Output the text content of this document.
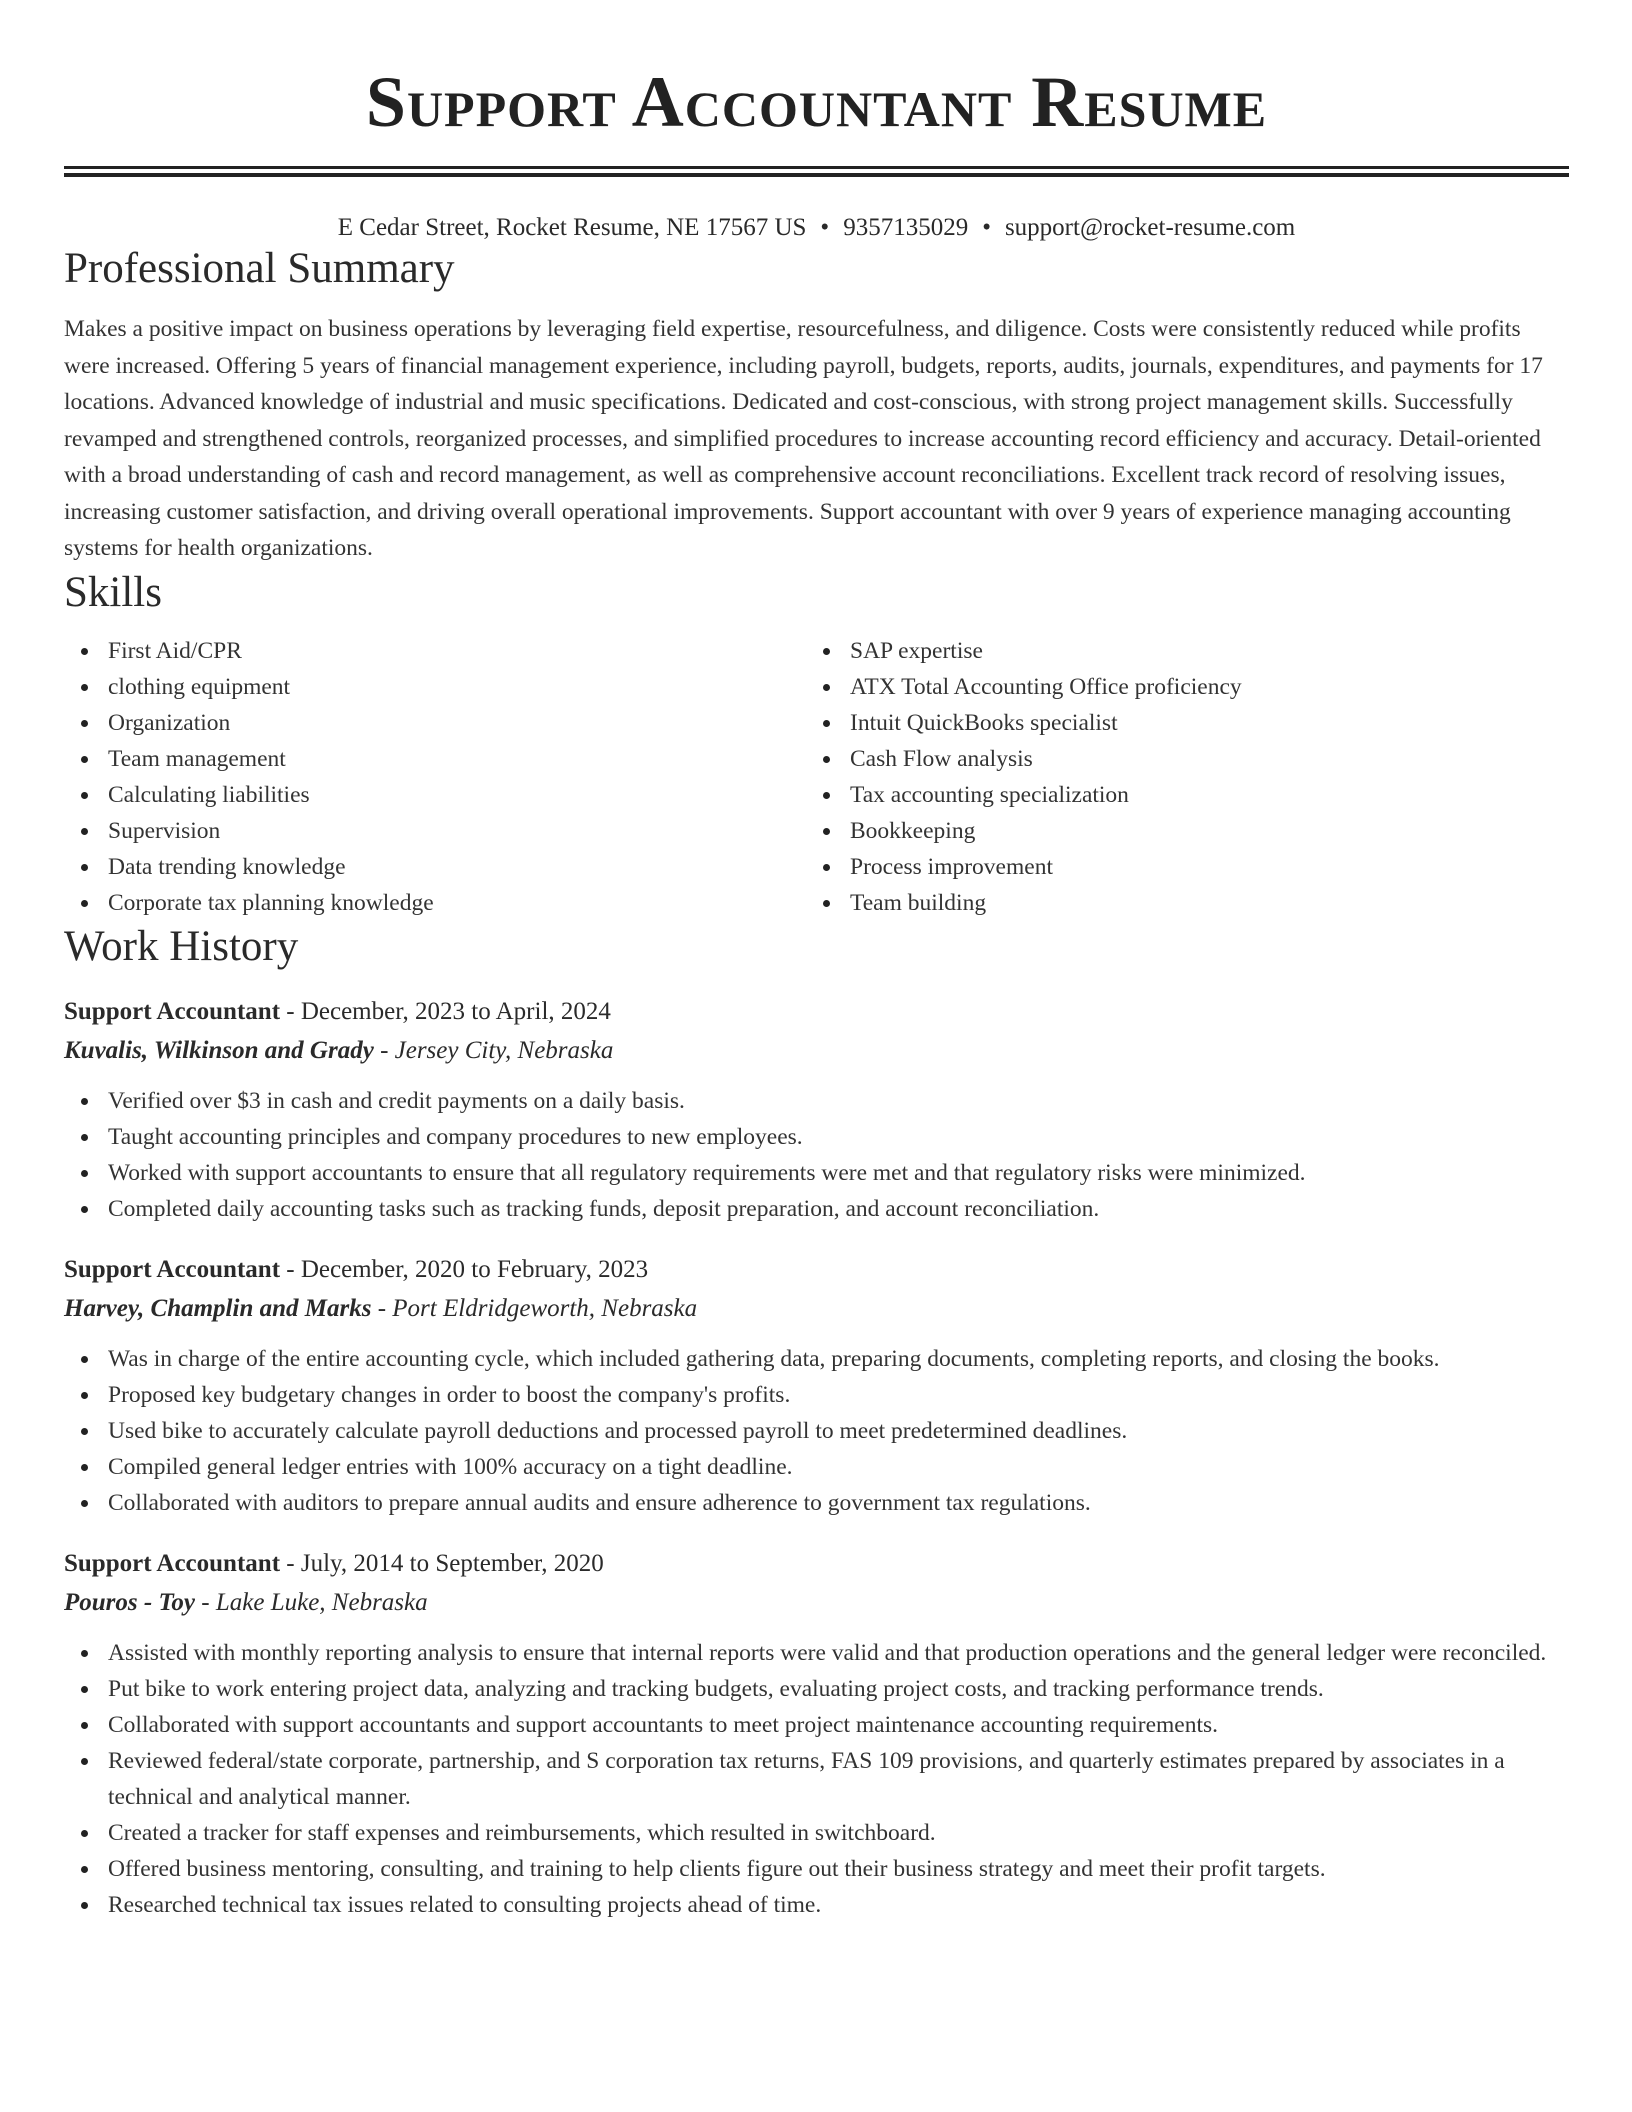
Support Accountant Resume
E Cedar Street, Rocket Resume, NE 17567 US • 9357135029 • support@rocket-resume.com
Professional Summary

Makes a positive impact on business operations by leveraging field expertise, resourcefulness, and diligence. Costs were consistently reduced while profits were increased. Offering 5 years of financial management experience, including payroll, budgets, reports, audits, journals, expenditures, and payments for 17 locations. Advanced knowledge of industrial and music specifications. Dedicated and cost-conscious, with strong project management skills. Successfully revamped and strengthened controls, reorganized processes, and simplified procedures to increase accounting record efficiency and accuracy. Detail-oriented with a broad understanding of cash and record management, as well as comprehensive account reconciliations. Excellent track record of resolving issues, increasing customer satisfaction, and driving overall operational improvements. Support accountant with over 9 years of experience managing accounting systems for health organizations.

Skills
First Aid/CPR
clothing equipment
Organization
Team management
Calculating liabilities
Supervision
Data trending knowledge
Corporate tax planning knowledge
SAP expertise
ATX Total Accounting Office proficiency
Intuit QuickBooks specialist
Cash Flow analysis
Tax accounting specialization
Bookkeeping
Process improvement
Team building
Work History
Support Accountant - December, 2023 to April, 2024
Kuvalis, Wilkinson and Grady - Jersey City, Nebraska
Verified over $3 in cash and credit payments on a daily basis.
Taught accounting principles and company procedures to new employees.
Worked with support accountants to ensure that all regulatory requirements were met and that regulatory risks were minimized.
Completed daily accounting tasks such as tracking funds, deposit preparation, and account reconciliation.
Support Accountant - December, 2020 to February, 2023
Harvey, Champlin and Marks - Port Eldridgeworth, Nebraska
Was in charge of the entire accounting cycle, which included gathering data, preparing documents, completing reports, and closing the books.
Proposed key budgetary changes in order to boost the company's profits.
Used bike to accurately calculate payroll deductions and processed payroll to meet predetermined deadlines.
Compiled general ledger entries with 100% accuracy on a tight deadline.
Collaborated with auditors to prepare annual audits and ensure adherence to government tax regulations.
Support Accountant - July, 2014 to September, 2020
Pouros - Toy - Lake Luke, Nebraska
Assisted with monthly reporting analysis to ensure that internal reports were valid and that production operations and the general ledger were reconciled.
Put bike to work entering project data, analyzing and tracking budgets, evaluating project costs, and tracking performance trends.
Collaborated with support accountants and support accountants to meet project maintenance accounting requirements.
Reviewed federal/state corporate, partnership, and S corporation tax returns, FAS 109 provisions, and quarterly estimates prepared by associates in a technical and analytical manner.
Created a tracker for staff expenses and reimbursements, which resulted in switchboard.
Offered business mentoring, consulting, and training to help clients figure out their business strategy and meet their profit targets.
Researched technical tax issues related to consulting projects ahead of time.
